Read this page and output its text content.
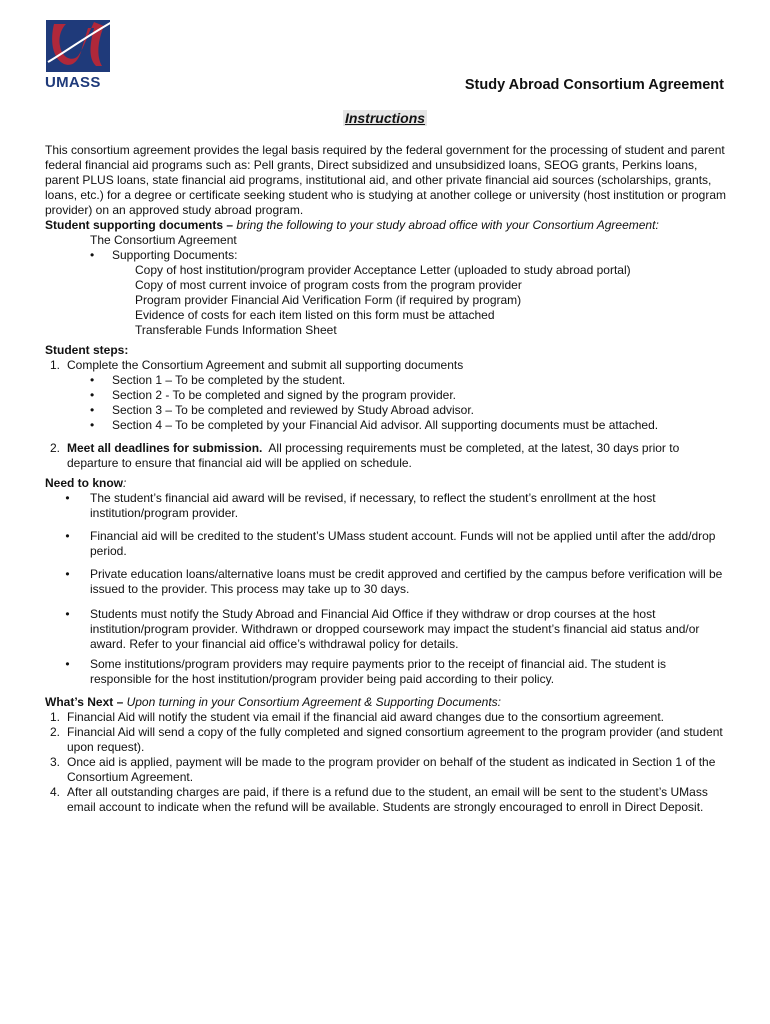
UMASS	Study Abroad Consortium Agreement
Instructions

This consortium agreement provides the legal basis required by the federal government for the processing of student and parent federal financial aid programs such as: Pell grants, Direct subsidized and unsubsidized loans, SEOG grants, Perkins loans, parent PLUS loans, state financial aid programs, institutional aid, and other private financial aid sources (scholarships, grants, loans, etc.) for a degree or certificate seeking student who is studying at another college or university (host institution or program provider) on an approved study abroad program.

Student supporting documents – bring the following to your study abroad office with your Consortium Agreement:

The Consortium Agreement

•	Supporting Documents:

Copy of host institution/program provider Acceptance Letter (uploaded to study abroad portal)

Copy of most current invoice of program costs from the program provider

Program provider Financial Aid Verification Form (if required by program)

Evidence of costs for each item listed on this form must be attached

Transferable Funds Information Sheet

Student steps:

1. Complete the Consortium Agreement and submit all supporting documents
•	Section 1 – To be completed by the student.
•	Section 2 - To be completed and signed by the program provider.
•	Section 3 – To be completed and reviewed by Study Abroad advisor.
•	Section 4 – To be completed by your Financial Aid advisor. All supporting documents must be attached.
2. Meet all deadlines for submission.  All processing requirements must be completed, at the latest, 30 days prior to departure to ensure that financial aid will be applied on schedule.

Need to know:

•	The student’s financial aid award will be revised, if necessary, to reflect the student’s enrollment at the host institution/program provider.
•	Financial aid will be credited to the student’s UMass student account. Funds will not be applied until after the add/drop period.
•	Private education loans/alternative loans must be credit approved and certified by the campus before verification will be issued to the provider. This process may take up to 30 days.
•	Students must notify the Study Abroad and Financial Aid Office if they withdraw or drop courses at the host institution/program provider. Withdrawn or dropped coursework may impact the student’s financial aid status and/or award. Refer to your financial aid office’s withdrawal policy for details.
•	Some institutions/program providers may require payments prior to the receipt of financial aid. The student is responsible for the host institution/program provider being paid according to their policy.

What’s Next – Upon turning in your Consortium Agreement & Supporting Documents:

1. Financial Aid will notify the student via email if the financial aid award changes due to the consortium agreement.
2. Financial Aid will send a copy of the fully completed and signed consortium agreement to the program provider (and student upon request).
3. Once aid is applied, payment will be made to the program provider on behalf of the student as indicated in Section 1 of the Consortium Agreement.
4. After all outstanding charges are paid, if there is a refund due to the student, an email will be sent to the student’s UMass email account to indicate when the refund will be available. Students are strongly encouraged to enroll in Direct Deposit.
